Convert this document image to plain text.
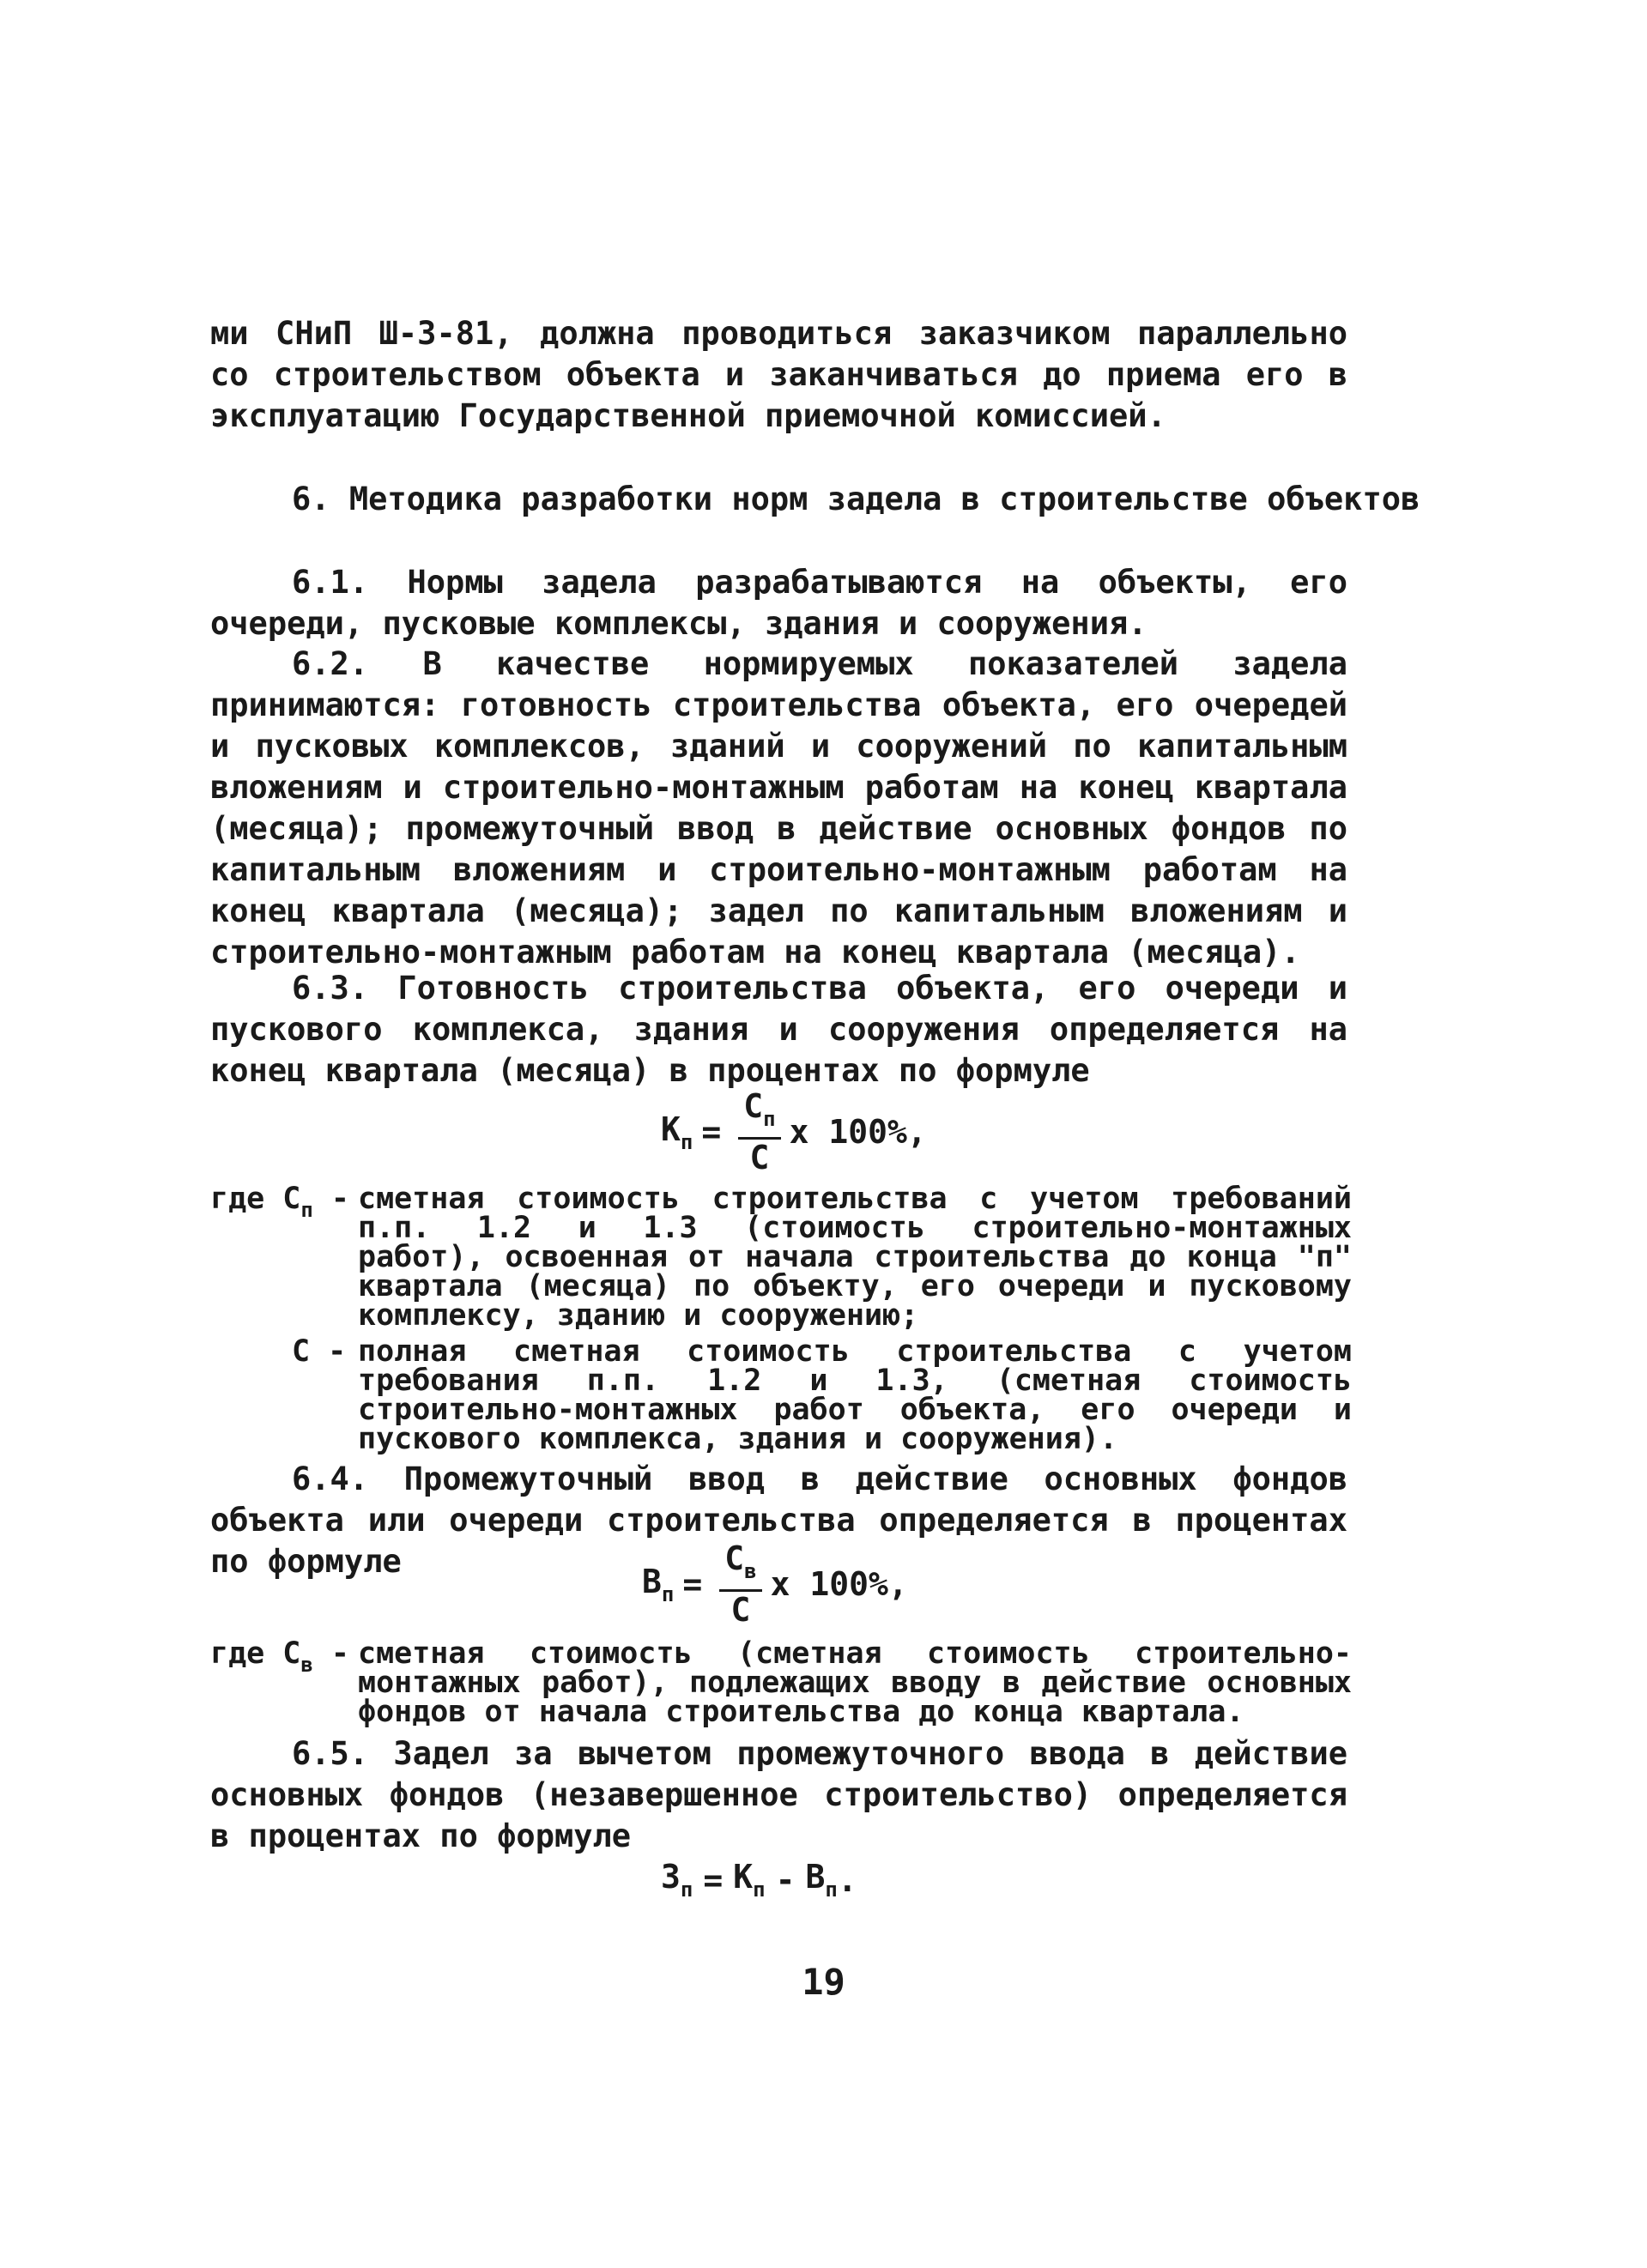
ми СНиП Ш-3-81, должна проводиться заказчиком параллельно со строительством объекта и заканчиваться до приема его в эксплуатацию Государственной приемочной комиссией.

6. Методика разработки норм задела в строительстве объектов

6.1. Нормы задела разрабатываются на объекты, его очереди, пусковые комплексы, здания и сооружения.

6.2. В качестве нормируемых показателей задела принимаются: готовность строительства объекта, его очередей и пусковых комплексов, зданий и сооружений по капитальным вложениям и строительно-монтажным работам на конец квартала (месяца); промежуточный ввод в действие основных фондов по капитальным вложениям и строительно-монтажным работам на конец квартала (месяца); задел по капитальным вложениям и строительно-монтажным работам на конец квартала (месяца).

6.3. Готовность строительства объекта, его очереди и пускового комплекса, здания и сооружения определяется на конец квартала (месяца) в процентах по формуле

$К_п = \frac{С_п}{С}$ х 100%,
где $С_п$ - сметная стоимость строительства с учетом требований п.п. 1.2 и 1.3 (стоимость строительно-монтажных работ), освоенная от начала строительства до конца "п" квартала (месяца) по объекту, его очереди и пусковому комплексу, зданию и сооружению;
С - полная сметная стоимость строительства с учетом требования п.п. 1.2 и 1.3, (сметная стоимость строительно-монтажных работ объекта, его очереди и пускового комплекса, здания и сооружения).

6.4. Промежуточный ввод в действие основных фондов объекта или очереди строительства определяется в процентах по формуле

$В_п = \frac{С_в}{С}$ х 100%,
где $С_в$ - сметная стоимость (сметная стоимость строительно-монтажных работ), подлежащих вводу в действие основных фондов от начала строительства до конца квартала.

6.5. Задел за вычетом промежуточного ввода в действие основных фондов (незавершенное строительство) определяется в процентах по формуле

$З_п = К_п - В_п$ .
19
